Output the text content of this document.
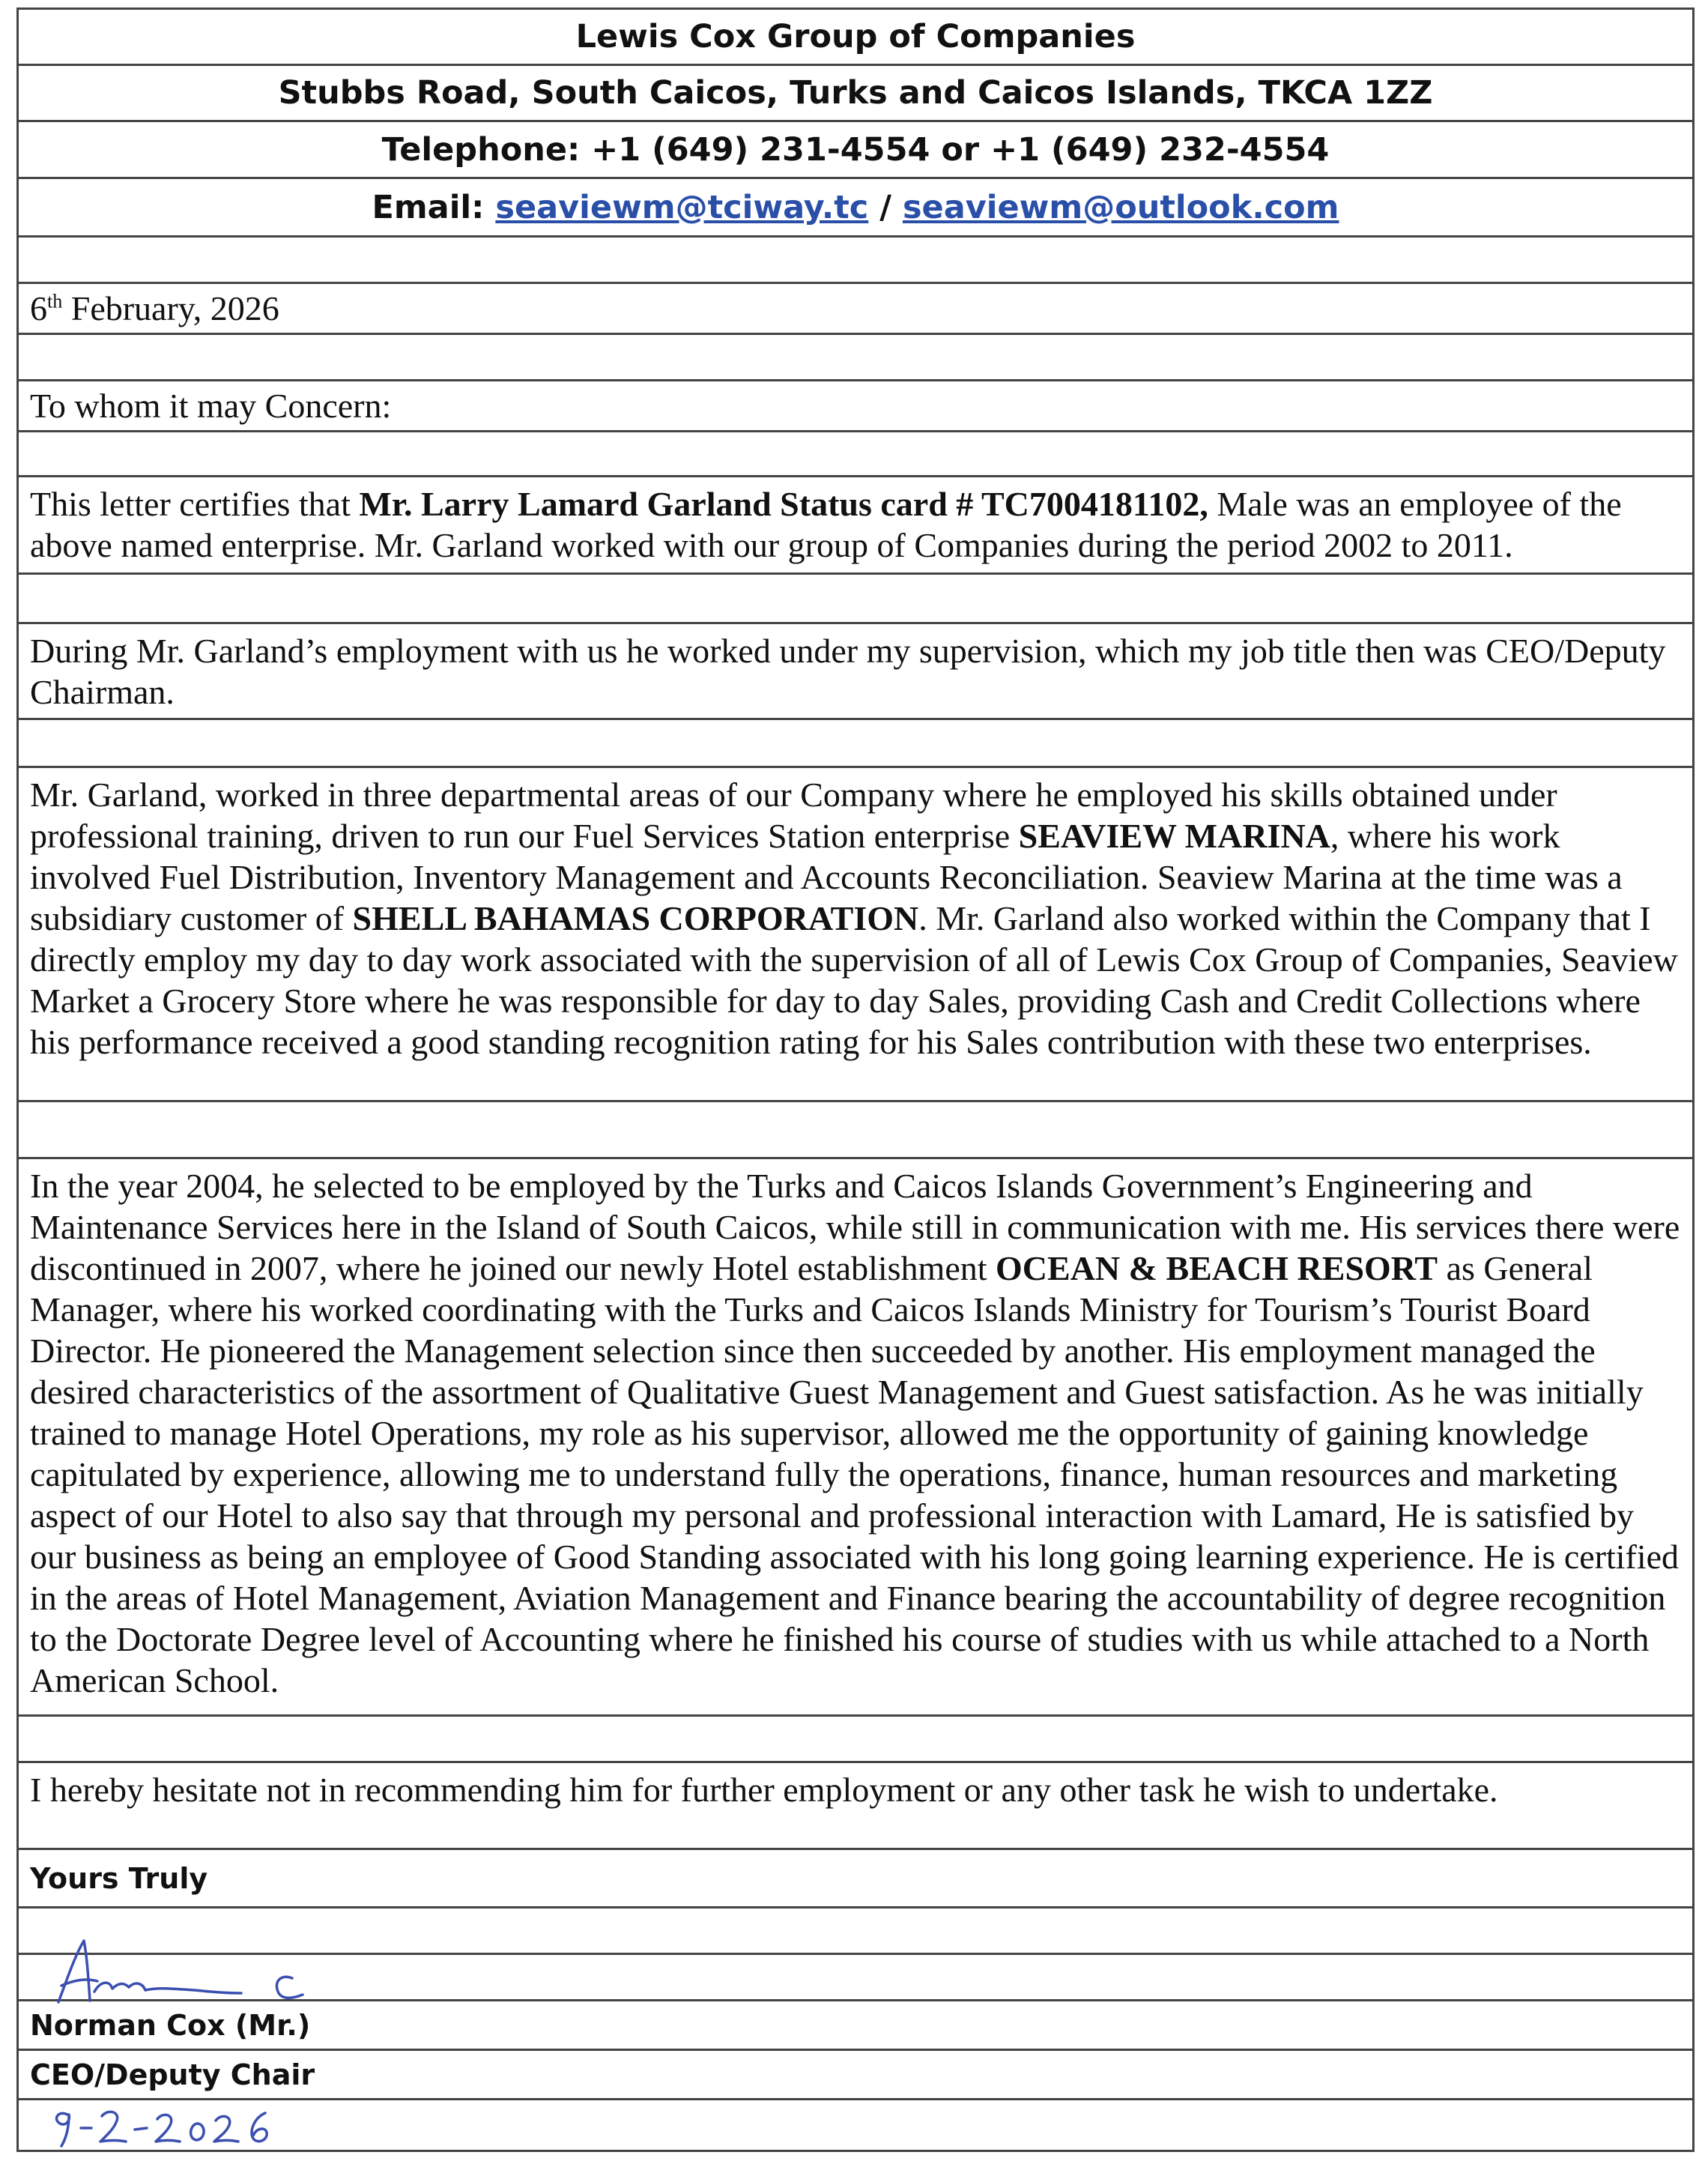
Lewis Cox Group of Companies
Stubbs Road, South Caicos, Turks and Caicos Islands, TKCA 1ZZ
Telephone: +1 (649) 231-4554 or +1 (649) 232-4554
Email:
seaviewm@tciway.tc
/
seaviewm@outlook.com
6th February, 2026
To whom it may Concern:

This letter certifies that Mr. Larry Lamard Garland Status card # TC7004181102, Male was an employee of the above named enterprise. Mr. Garland worked with our group of Companies during the period 2002 to 2011.

During Mr. Garland’s employment with us he worked under my supervision, which my job title then was CEO/Deputy Chairman.

Mr. Garland, worked in three departmental areas of our Company where he employed his skills obtained under professional training, driven to run our Fuel Services Station enterprise SEAVIEW MARINA, where his work involved Fuel Distribution, Inventory Management and Accounts Reconciliation. Seaview Marina at the time was a subsidiary customer of SHELL BAHAMAS CORPORATION. Mr. Garland also worked within the Company that I directly employ my day to day work associated with the supervision of all of Lewis Cox Group of Companies, Seaview Market a Grocery Store where he was responsible for day to day Sales, providing Cash and Credit Collections where his performance received a good standing recognition rating for his Sales contribution with these two enterprises.

In the year 2004, he selected to be employed by the Turks and Caicos Islands Government’s Engineering and Maintenance Services here in the Island of South Caicos, while still in communication with me. His services there were discontinued in 2007, where he joined our newly Hotel establishment OCEAN & BEACH RESORT as General Manager, where his worked coordinating with the Turks and Caicos Islands Ministry for Tourism’s Tourist Board Director. He pioneered the Management selection since then succeeded by another. His employment managed the desired characteristics of the assortment of Qualitative Guest Management and Guest satisfaction. As he was initially trained to manage Hotel Operations, my role as his supervisor, allowed me the opportunity of gaining knowledge capitulated by experience, allowing me to understand fully the operations, finance, human resources and marketing aspect of our Hotel to also say that through my personal and professional interaction with Lamard, He is satisfied by our business as being an employee of Good Standing associated with his long going learning experience. He is certified in the areas of Hotel Management, Aviation Management and Finance bearing the accountability of degree recognition to the Doctorate Degree level of Accounting where he finished his course of studies with us while attached to a North American School.

I hereby hesitate not in recommending him for further employment or any other task he wish to undertake.

Yours Truly
Norman Cox (Mr.)
CEO/Deputy Chair
